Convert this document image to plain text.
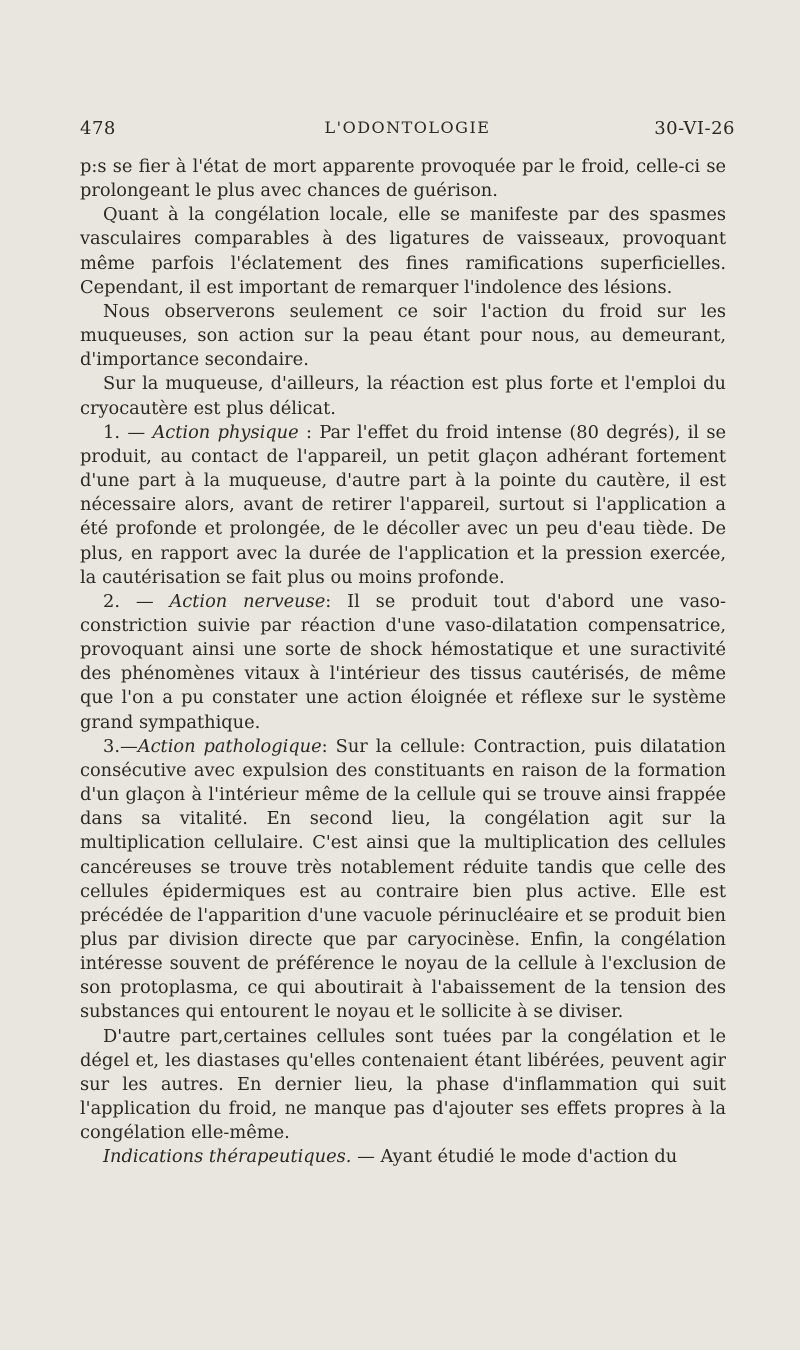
478	L'ODONTOLOGIE	30-VI-26

p:s se fier à l'état de mort apparente provoquée par le froid, celle-ci se prolongeant le plus avec chances de guérison.

Quant à la congélation locale, elle se manifeste par des spasmes vasculaires comparables à des ligatures de vaisseaux, provoquant même parfois l'éclatement des fines ramifications superficielles. Cependant, il est important de remarquer l'indolence des lésions.

Nous observerons seulement ce soir l'action du froid sur les muqueuses, son action sur la peau étant pour nous, au demeurant, d'importance secondaire.

Sur la muqueuse, d'ailleurs, la réaction est plus forte et l'emploi du cryocautère est plus délicat.

1. — Action physique : Par l'effet du froid intense (80 degrés), il se produit, au contact de l'appareil, un petit glaçon adhérant fortement d'une part à la muqueuse, d'autre part à la pointe du cautère, il est nécessaire alors, avant de retirer l'appareil, surtout si l'application a été profonde et prolongée, de le décoller avec un peu d'eau tiède. De plus, en rapport avec la durée de l'application et la pression exercée, la cautérisation se fait plus ou moins profonde.

2. — Action nerveuse: Il se produit tout d'abord une vaso-constriction suivie par réaction d'une vaso-dilatation compensatrice, provoquant ainsi une sorte de shock hémostatique et une suractivité des phénomènes vitaux à l'intérieur des tissus cautérisés, de même que l'on a pu constater une action éloignée et réflexe sur le système grand sympathique.

3.—Action pathologique: Sur la cellule: Contraction, puis dilatation consécutive avec expulsion des constituants en raison de la formation d'un glaçon à l'intérieur même de la cellule qui se trouve ainsi frappée dans sa vitalité. En second lieu, la congélation agit sur la multiplication cellulaire. C'est ainsi que la multiplication des cellules cancéreuses se trouve très notablement réduite tandis que celle des cellules épidermiques est au contraire bien plus active. Elle est précédée de l'apparition d'une vacuole périnucléaire et se produit bien plus par division directe que par caryocinèse. Enfin, la congélation intéresse souvent de préférence le noyau de la cellule à l'exclusion de son protoplasma, ce qui aboutirait à l'abaissement de la tension des substances qui entourent le noyau et le sollicite à se diviser.

D'autre part,certaines cellules sont tuées par la congélation et le dégel et, les diastases qu'elles contenaient étant libérées, peuvent agir sur les autres. En dernier lieu, la phase d'inflammation qui suit l'application du froid, ne manque pas d'ajouter ses effets propres à la congélation elle-même.

Indications thérapeutiques. — Ayant étudié le mode d'action du
